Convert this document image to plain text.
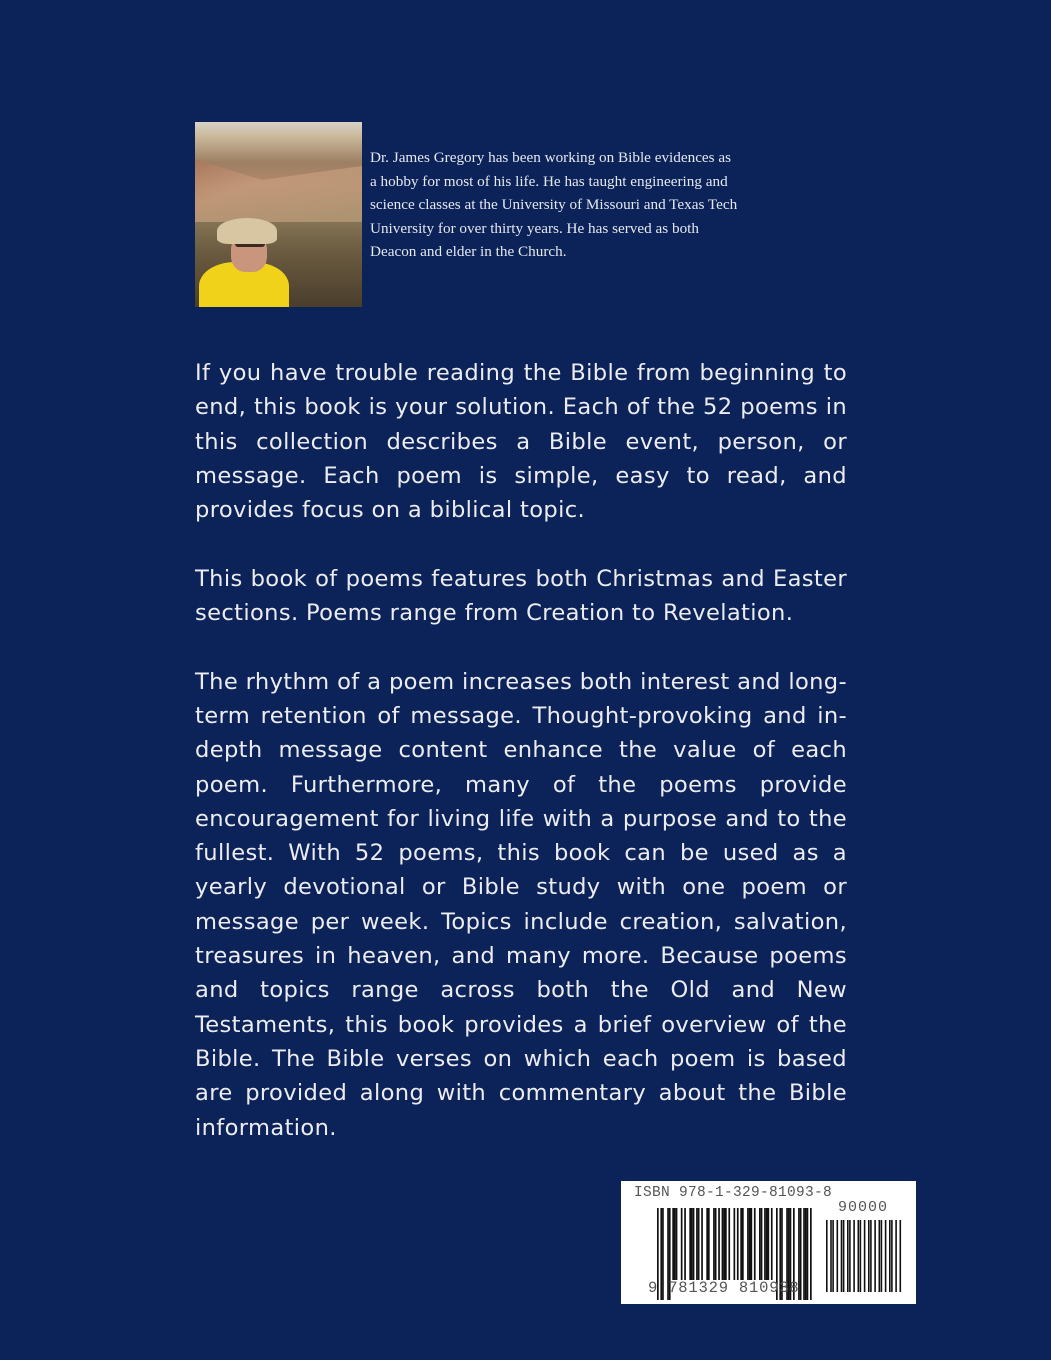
Dr. James Gregory has been working on Bible evidences as
a hobby for most of his life. He has taught engineering and
science classes at the University of Missouri and Texas Tech
University for over thirty years. He has served as both
Deacon and elder in the Church.
If you have trouble reading the Bible from beginning to
end, this book is your solution. Each of the 52 poems in
this collection describes a Bible event, person, or
message. Each poem is simple, easy to read, and
provides focus on a biblical topic.
This book of poems features both Christmas and Easter
sections. Poems range from Creation to Revelation.
The rhythm of a poem increases both interest and long-
term retention of message. Thought-provoking and in-
depth message content enhance the value of each
poem. Furthermore, many of the poems provide
encouragement for living life with a purpose and to the
fullest. With 52 poems, this book can be used as a
yearly devotional or Bible study with one poem or
message per week. Topics include creation, salvation,
treasures in heaven, and many more. Because poems
and topics range across both the Old and New
Testaments, this book provides a brief overview of the
Bible. The Bible verses on which each poem is based
are provided along with commentary about the Bible
information.
ISBN 978-1-329-81093-8
90000
9 781329 810938
